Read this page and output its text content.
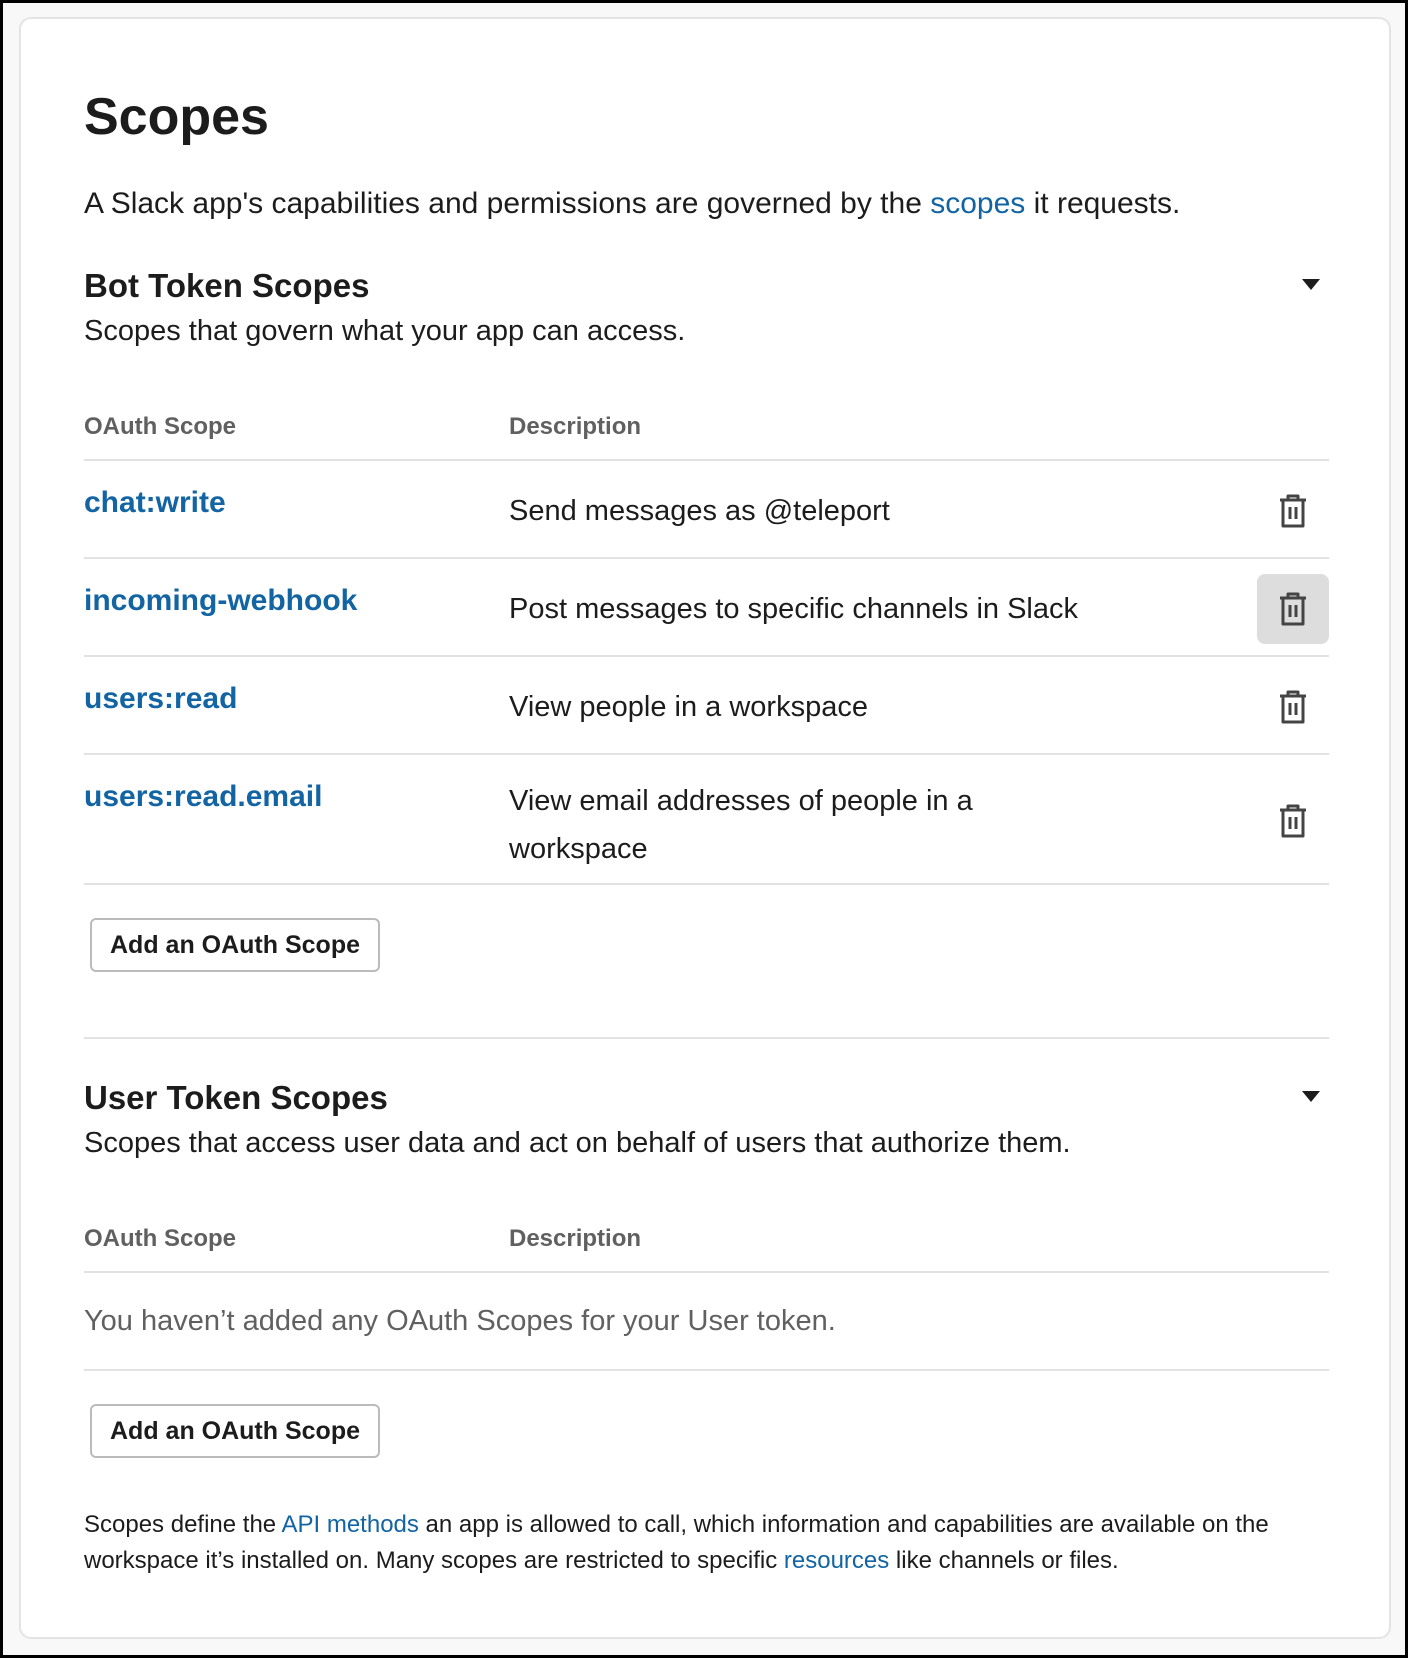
Scopes
A Slack app's capabilities and permissions are governed by the scopes it requests.
Bot Token Scopes
Scopes that govern what your app can access.
OAuth Scope	Description
chat:write	Send messages as @teleport
incoming-webhook	Post messages to specific channels in Slack
users:read	View people in a workspace
users:read.email	View email addresses of people in a workspace
Add an OAuth Scope
User Token Scopes
Scopes that access user data and act on behalf of users that authorize them.
OAuth Scope	Description
You haven’t added any OAuth Scopes for your User token.
Add an OAuth Scope
Scopes define the API methods an app is allowed to call, which information and capabilities are available on the workspace it’s installed on. Many scopes are restricted to specific resources like channels or files.
